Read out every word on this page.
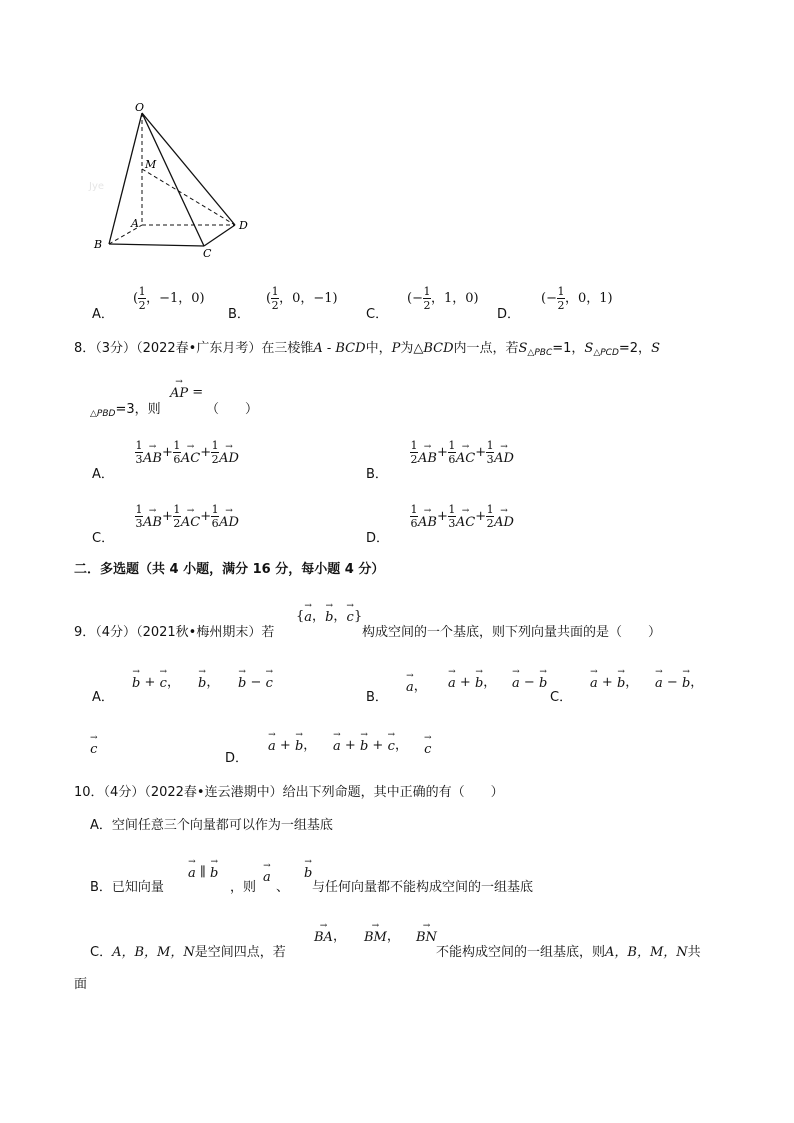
O
M
A
B
C
D
Jye
A．
( $\frac{1}{2}$ ，−1，0)
B．
( $\frac{1}{2}$ ，0，−1)
C．
(− $\frac{1}{2}$ ，1，0)
D．
(− $\frac{1}{2}$ ，0，1)
8．（3分）（2022春•广东月考）在三棱锥A - BCD中，P为△BCD内一点，若$S_{\triangle PBC}=1$，$S_{\triangle PCD}=2$，S
$_{\triangle PBD}$=3，则
→
AP =
（　　）
A．
$\frac{1}{3}$ →
AB + $\frac{1}{6}$ →
AC + $\frac{1}{2}$ →
AD
B．
$\frac{1}{2}$ →
AB + $\frac{1}{6}$ →
AC + $\frac{1}{3}$ →
AD
C．
$\frac{1}{3}$ →
AB + $\frac{1}{2}$ →
AC + $\frac{1}{6}$ →
AD
D．
$\frac{1}{6}$ →
AB + $\frac{1}{3}$ →
AC + $\frac{1}{2}$ →
AD
二．多选题（共 4 小题，满分 16 分，每小题 4 分）
9．（4分）（2021秋•梅州期末）若
{
→
a ，
→
b ，
→
c }
构成空间的一个基底，则下列向量共面的是（　　）
A．
→
b +
→
c ，
→
b ，
→
b −
→
c
B．
→
a ，
→
a +
→
b ，
→
a −
→
b
C．
→
a +
→
b ，
→
a −
→
b ，
→
c
D．
→
a +
→
b ，
→
a +
→
b +
→
c ， →
c
10．（4分）（2022春•连云港期中）给出下列命题，其中正确的有（　　）
A．空间任意三个向量都可以作为一组基底
B．已知向量
→
a ∥
→
b
，则
→
a
、
→
b
与任何向量都不能构成空间的一组基底
C．A，B，M，N是空间四点，若
→
BA ，
→
BM ，
→
BN
不能构成空间的一组基底，则A，B，M，N共
面
